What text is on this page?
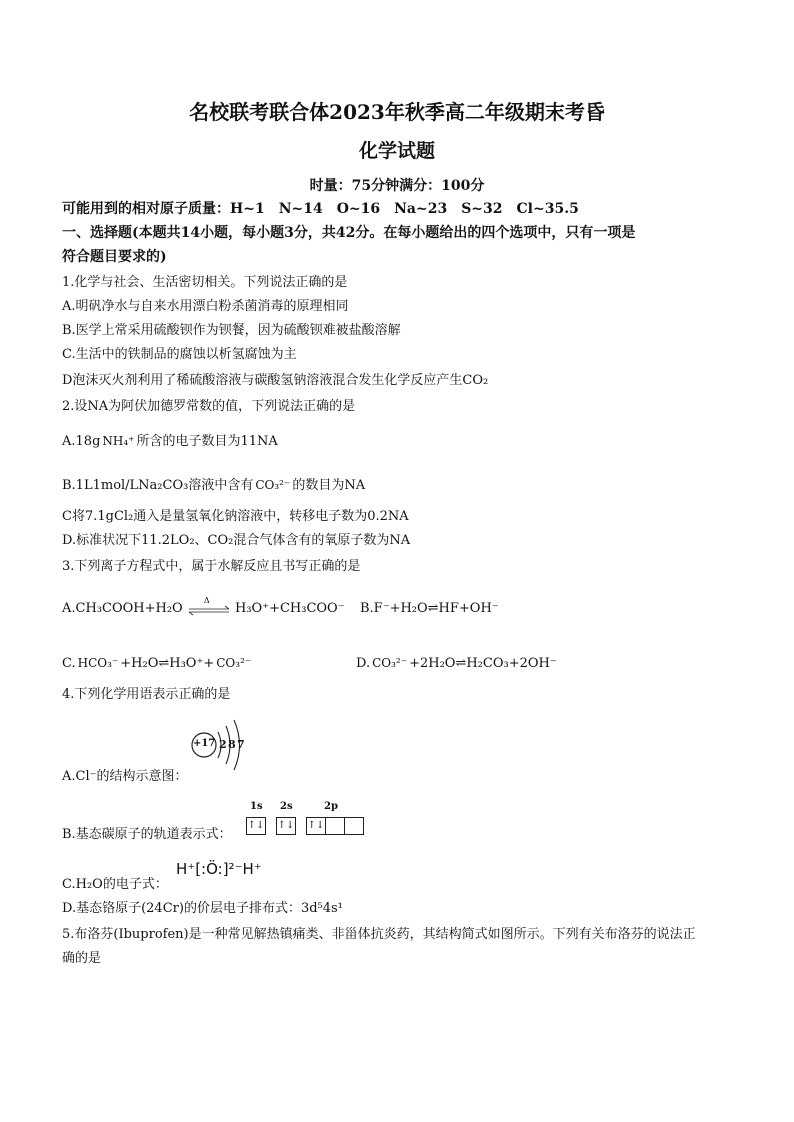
名校联考联合体2023年秋季高二年级期末考昏
化学试题
时量：75分钟满分：100分
可能用到的相对原子质量：H~1　N~14　O~16　Na~23　S~32　Cl~35.5
一、选择题(本题共14小题，每小题3分，共42分。在每小题给出的四个选项中，只有一项是
符合题目要求的)
1.化学与社会、生活密切相关。下列说法正确的是
A.明矾净水与自来水用漂白粉杀菌消毒的原理相同
B.医学上常采用硫酸钡作为钡餐，因为硫酸钡难被盐酸溶解
C.生活中的铁制品的腐蚀以析氢腐蚀为主
D泡沫灭火剂利用了稀硫酸溶液与碳酸氢钠溶液混合发生化学反应产生CO₂
2.设NA为阿伏加德罗常数的值，下列说法正确的是
A.18g NH₄⁺ 所含的电子数目为11NA
B.1L1mol/LNa₂CO₃溶液中含有 CO₃²⁻ 的数目为NA
C将7.1gCl₂通入是量氢氧化钠溶液中，转移电子数为0.2NA
D.标准状况下11.2LO₂、CO₂混合气体含有的氧原子数为NA
3.下列离子方程式中，属于水解反应且书写正确的是
A.CH₃COOH+H₂O
Δ
H₃O⁺+CH₃COO⁻ B.F⁻+H₂O⇌HF+OH⁻
C. HCO₃⁻ +H₂O⇌H₃O⁺+ CO₃²⁻	D. CO₃²⁻ +2H₂O⇌H₂CO₃+2OH⁻
4.下列化学用语表示正确的是
+17 2 8 7
A.Cl⁻的结构示意图：
1s 2s	2p
↑↓ ↑↓ ↑↓
B.基态碳原子的轨道表示式：
H⁺[:Ö:]²⁻H⁺
C.H₂O的电子式：
D.基态铬原子(24Cr)的价层电子排布式：3d⁵4s¹
5.布洛芬(Ibuprofen)是一种常见解热镇痛类、非甾体抗炎药，其结构简式如图所示。下列有关布洛芬的说法正
确的是
